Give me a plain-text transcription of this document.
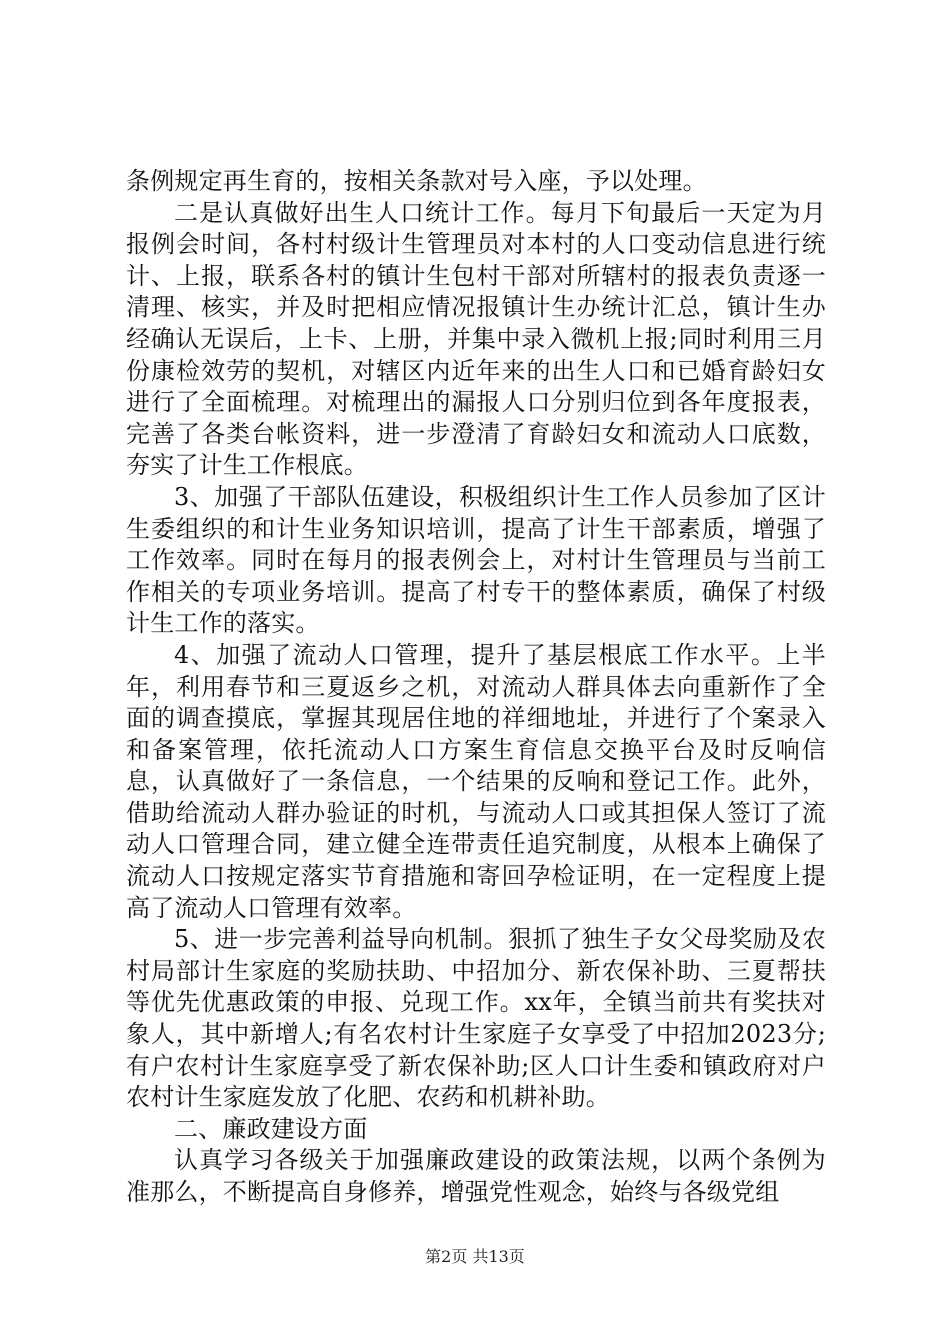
条例规定再生育的，按相关条款对号入座，予以处理。

二是认真做好出生人口统计工作。每月下旬最后一天定为月报例会时间，各村村级计生管理员对本村的人口变动信息进行统计、上报，联系各村的镇计生包村干部对所辖村的报表负责逐一清理、核实，并及时把相应情况报镇计生办统计汇总，镇计生办经确认无误后，上卡、上册，并集中录入微机上报;同时利用三月份康检效劳的契机，对辖区内近年来的出生人口和已婚育龄妇女进行了全面梳理。对梳理出的漏报人口分别归位到各年度报表，完善了各类台帐资料，进一步澄清了育龄妇女和流动人口底数，夯实了计生工作根底。

3、加强了干部队伍建设，积极组织计生工作人员参加了区计生委组织的和计生业务知识培训，提高了计生干部素质，增强了工作效率。同时在每月的报表例会上，对村计生管理员与当前工作相关的专项业务培训。提高了村专干的整体素质，确保了村级计生工作的落实。

4、加强了流动人口管理，提升了基层根底工作水平。上半年，利用春节和三夏返乡之机，对流动人群具体去向重新作了全面的调查摸底，掌握其现居住地的祥细地址，并进行了个案录入和备案管理，依托流动人口方案生育信息交换平台及时反响信息，认真做好了一条信息，一个结果的反响和登记工作。此外，借助给流动人群办验证的时机，与流动人口或其担保人签订了流动人口管理合同，建立健全连带责任追究制度，从根本上确保了流动人口按规定落实节育措施和寄回孕检证明，在一定程度上提高了流动人口管理有效率。

5、进一步完善利益导向机制。狠抓了独生子女父母奖励及农村局部计生家庭的奖励扶助、中招加分、新农保补助、三夏帮扶等优先优惠政策的申报、兑现工作。xx年，全镇当前共有奖扶对象人，其中新增人;有名农村计生家庭子女享受了中招加2023分;有户农村计生家庭享受了新农保补助;区人口计生委和镇政府对户农村计生家庭发放了化肥、农药和机耕补助。

二、廉政建设方面

认真学习各级关于加强廉政建设的政策法规，以两个条例为准那么，不断提高自身修养，增强党性观念，始终与各级党组

第2页 共13页
